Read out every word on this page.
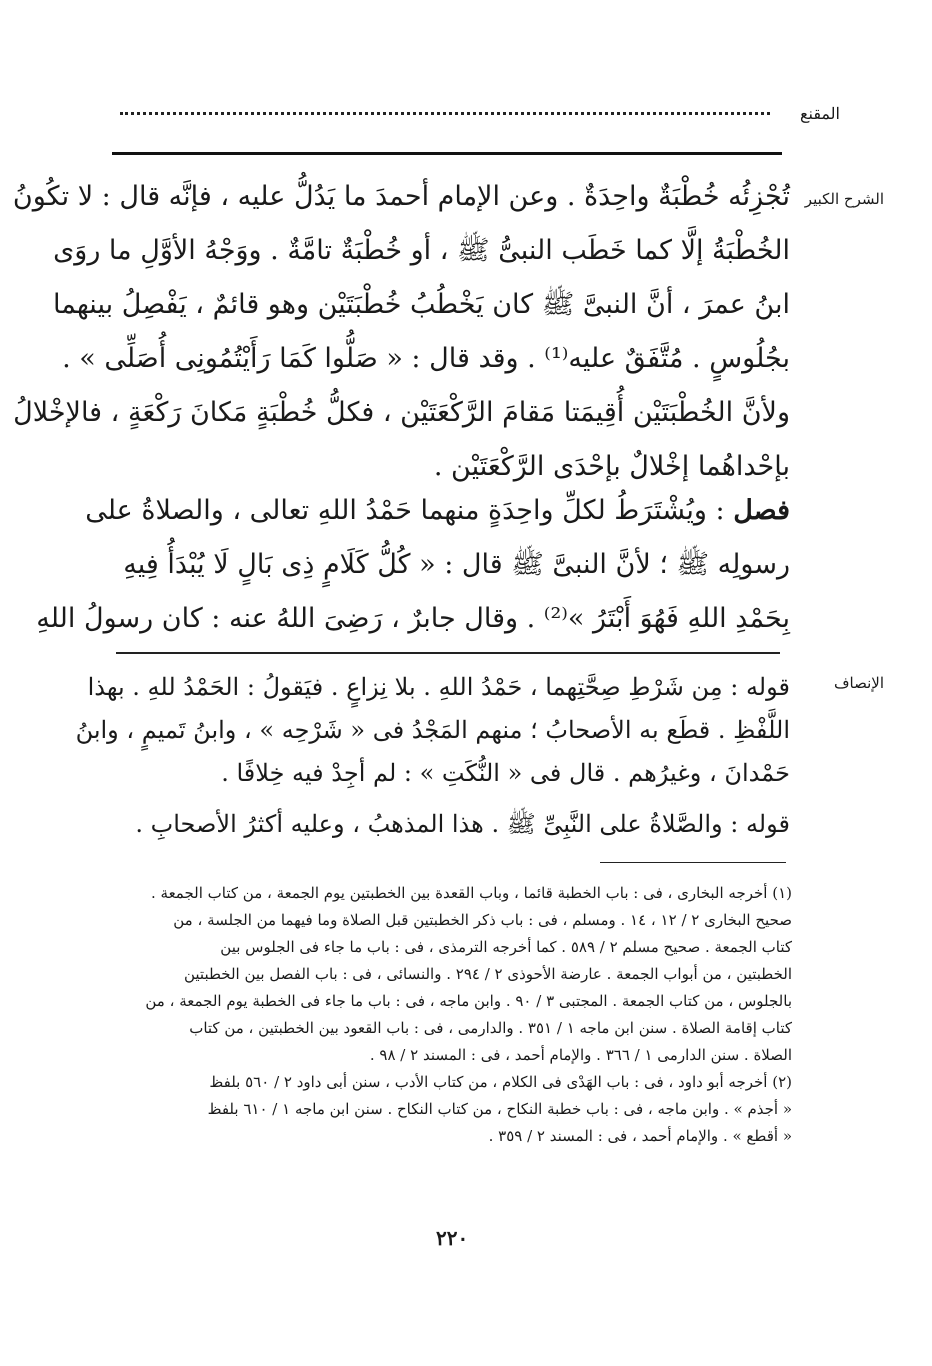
المقنع
الشرح الكبير
تُجْزِئُه خُطْبَةٌ واحِدَةٌ . وعن الإمام أحمدَ ما يَدُلُّ عليه ، فإنَّه قال : لا تكُونُ
الخُطْبَةُ إلَّا كما خَطَب النبىُّ ﷺ ، أو خُطْبَةٌ تامَّةٌ . ووَجْهُ الأوَّلِ ما روَى
ابنُ عمرَ ، أنَّ النبىَّ ﷺ كان يَخْطُبُ خُطْبَتَيْن وهو قائمٌ ، يَفْصِلُ بينهما
بجُلُوسٍ . مُتَّفَقٌ عليه⁽¹⁾ . وقد قال : « صَلُّوا كَمَا رَأَيْتُمُونِى أُصَلِّى » .
ولأنَّ الخُطْبَتَيْن أُقِيمَتا مَقامَ الرَّكْعَتَيْن ، فكلُّ خُطْبَةٍ مَكانَ رَكْعَةٍ ، فالإخْلالُ
بإحْداهُما إخْلالٌ بإحْدَى الرَّكْعَتَيْن .
فصل : ويُشْتَرَطُ لكلِّ واحِدَةٍ منهما حَمْدُ اللهِ تعالى ، والصلاةُ على
رسولِه ﷺ ؛ لأنَّ النبىَّ ﷺ قال : « كُلُّ كَلَامٍ ذِى بَالٍ لَا يُبْدَأُ فِيهِ
بِحَمْدِ اللهِ فَهُوَ أَبْتَرُ »⁽²⁾ . وقال جابرٌ ، رَضِىَ اللهُ عنه : كان رسولُ اللهِ
الإنصاف
قوله : مِن شَرْطِ صِحَّتِهما ، حَمْدُ اللهِ . بلا نِزاعٍ . فيَقولُ : الحَمْدُ للهِ . بهذا
اللَّفْظِ . قطَع به الأصحابُ ؛ منهم المَجْدُ فى « شَرْحِه » ، وابنُ تَميمٍ ، وابنُ
حَمْدانَ ، وغيرُهم . قال فى « النُّكَتِ » : لم أجِدْ فيه خِلافًا .
قوله : والصَّلاةُ على النَّبِىِّ ﷺ . هذا المذهبُ ، وعليه أكثرُ الأصحابِ .
(١) أخرجه البخارى ، فى : باب الخطبة قائما ، وباب القعدة بين الخطبتين يوم الجمعة ، من كتاب الجمعة .
صحيح البخارى ٢ / ١٢ ، ١٤ . ومسلم ، فى : باب ذكر الخطبتين قبل الصلاة وما فيهما من الجلسة ، من
كتاب الجمعة . صحيح مسلم ٢ / ٥٨٩ . كما أخرجه الترمذى ، فى : باب ما جاء فى الجلوس بين
الخطبتين ، من أبواب الجمعة . عارضة الأحوذى ٢ / ٢٩٤ . والنسائى ، فى : باب الفصل بين الخطبتين
بالجلوس ، من كتاب الجمعة . المجتبى ٣ / ٩٠ . وابن ماجه ، فى : باب ما جاء فى الخطبة يوم الجمعة ، من
كتاب إقامة الصلاة . سنن ابن ماجه ١ / ٣٥١ . والدارمى ، فى : باب القعود بين الخطبتين ، من كتاب
الصلاة . سنن الدارمى ١ / ٣٦٦ . والإمام أحمد ، فى : المسند ٢ / ٩٨ .
(٢) أخرجه أبو داود ، فى : باب الهَدْى فى الكلام ، من كتاب الأدب ، سنن أبى داود ٢ / ٥٦٠ بلفظ
« أجذم » . وابن ماجه ، فى : باب خطبة النكاح ، من كتاب النكاح . سنن ابن ماجه ١ / ٦١٠ بلفظ
« أقطع » . والإمام أحمد ، فى : المسند ٢ / ٣٥٩ .
٢٢٠
